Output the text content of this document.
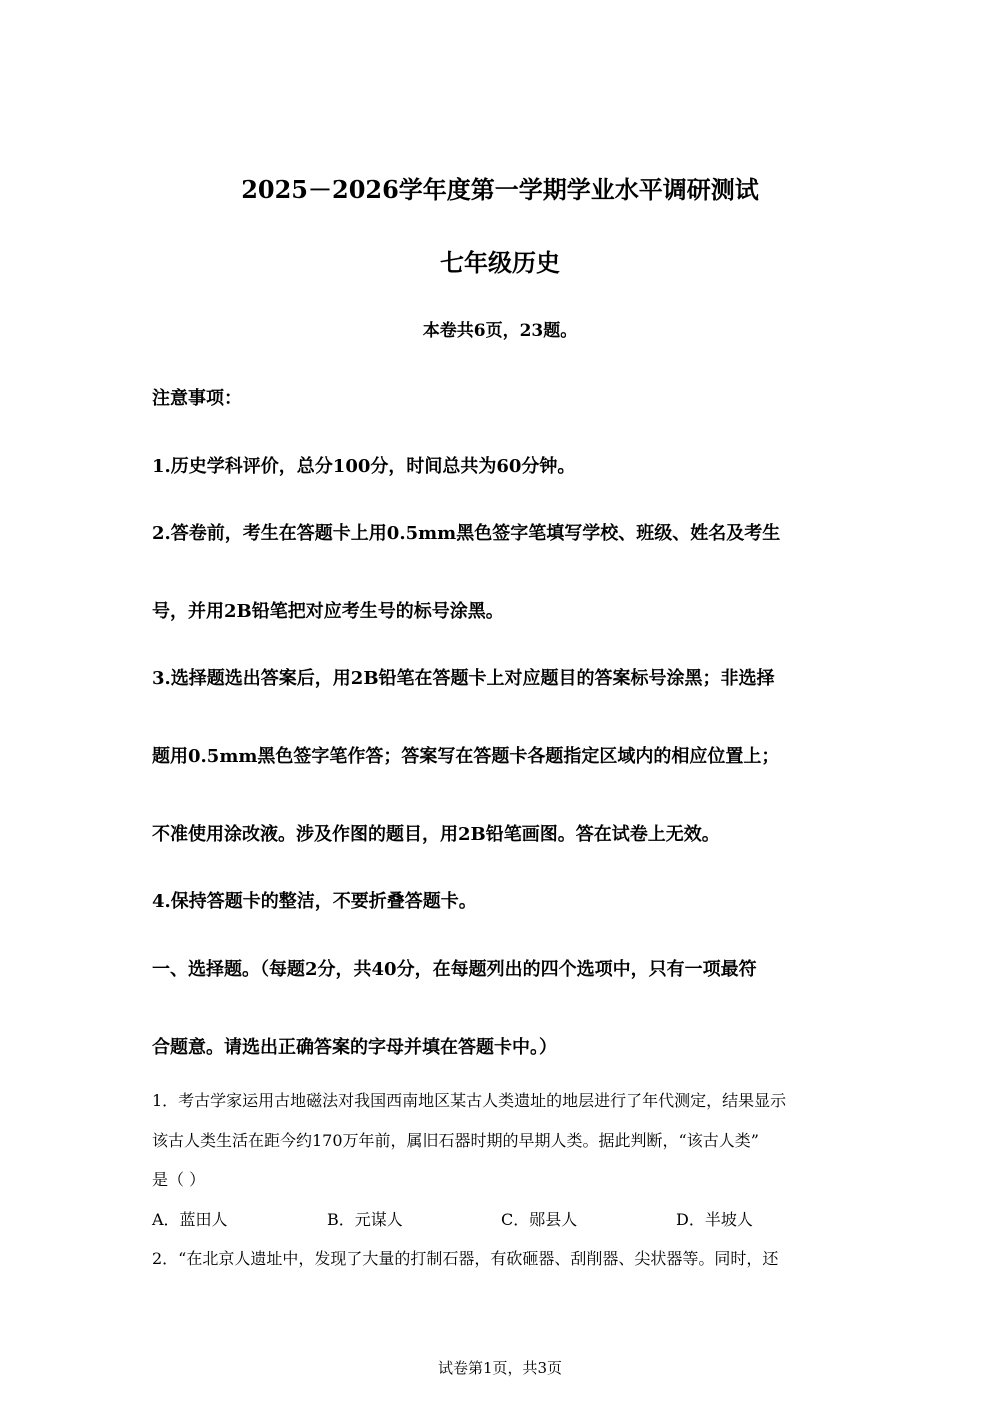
2025－2026学年度第一学期学业水平调研测试
七年级历史
本卷共6页，23题。
注意事项：
1.历史学科评价，总分100分，时间总共为60分钟。
2.答卷前，考生在答题卡上用0.5mm黑色签字笔填写学校、班级、姓名及考生
号，并用2B铅笔把对应考生号的标号涂黑。
3.选择题选出答案后，用2B铅笔在答题卡上对应题目的答案标号涂黑；非选择
题用0.5mm黑色签字笔作答；答案写在答题卡各题指定区域内的相应位置上；
不准使用涂改液。涉及作图的题目，用2B铅笔画图。答在试卷上无效。
4.保持答题卡的整洁，不要折叠答题卡。
一、选择题。（每题2分，共40分，在每题列出的四个选项中，只有一项最符
合题意。请选出正确答案的字母并填在答题卡中。）
1．考古学家运用古地磁法对我国西南地区某古人类遗址的地层进行了年代测定，结果显示
该古人类生活在距今约170万年前，属旧石器时期的早期人类。据此判断，“该古人类”
是（ ）
A．蓝田人	B．元谋人	C．郧县人	D．半坡人
2．“在北京人遗址中，发现了大量的打制石器，有砍砸器、刮削器、尖状器等。同时，还
试卷第1页，共3页
